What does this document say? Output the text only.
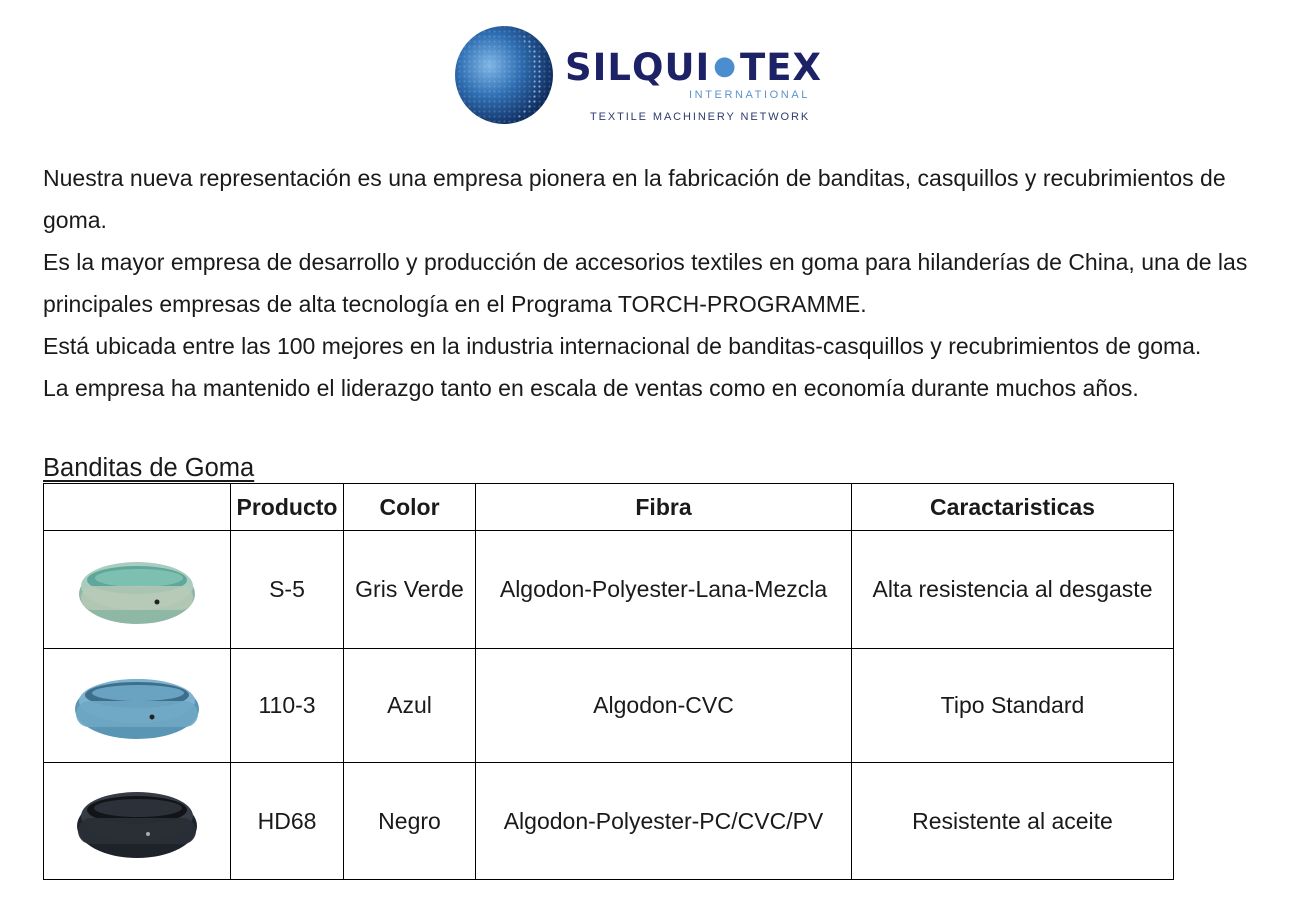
SILQUI ●TEX
INTERNATIONAL
TEXTILE MACHINERY NETWORK

Nuestra nueva representación es una empresa pionera en la fabricación de banditas, casquillos y recubrimientos de goma.

Es la mayor empresa de desarrollo y producción de accesorios textiles en goma para hilanderías de China, una de las principales empresas de alta tecnología en el Programa TORCH-PROGRAMME.

Está ubicada entre las 100 mejores en la industria internacional de banditas-casquillos y recubrimientos de goma.

La empresa ha mantenido el liderazgo tanto en escala de ventas como en economía durante muchos años.

Banditas de Goma
	Producto	Color	Fibra	Caractaristicas

	S-5	Gris Verde	Algodon-Polyester-Lana-Mezcla	Alta resistencia al desgaste

	110-3	Azul	Algodon-CVC	Tipo Standard

	HD68	Negro	Algodon-Polyester-PC/CVC/PV	Resistente al aceite
